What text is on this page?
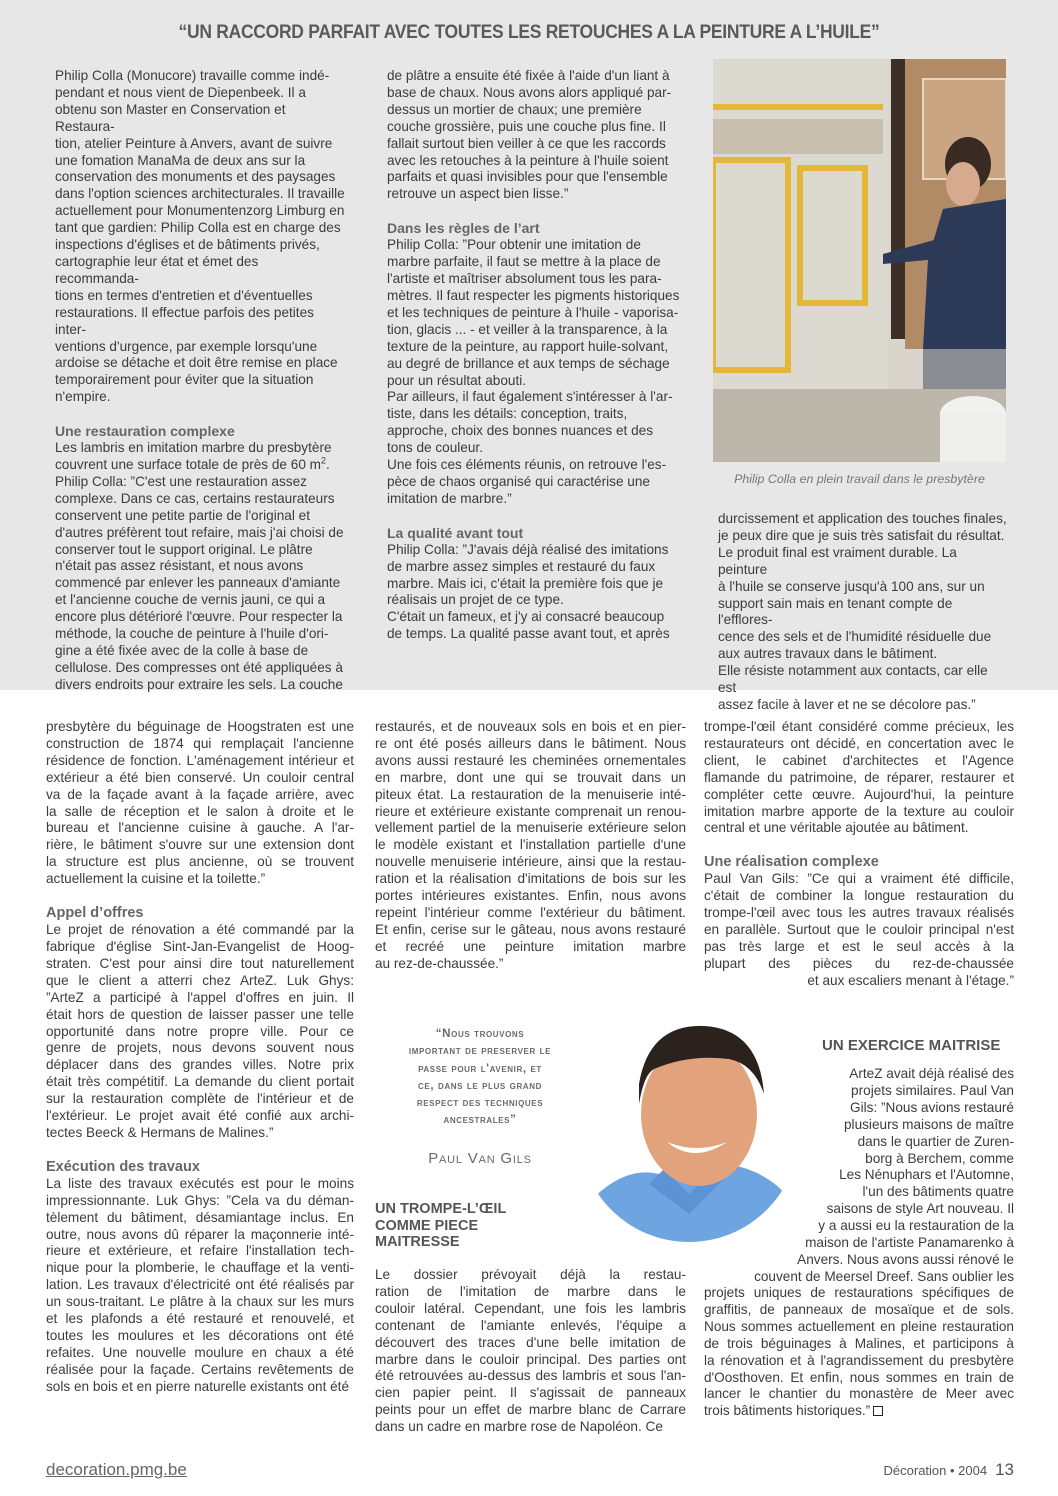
“UN RACCORD PARFAIT AVEC TOUTES LES RETOUCHES A LA PEINTURE A L’HUILE”

Philip Colla (Monucore) travaille comme indé-

pendant et nous vient de Diepenbeek. Il a

obtenu son Master en Conservation et Restaura-

tion, atelier Peinture à Anvers, avant de suivre

une fomation ManaMa de deux ans sur la

conservation des monuments et des paysages

dans l'option sciences architecturales. Il travaille

actuellement pour Monumentenzorg Limburg en

tant que gardien: Philip Colla est en charge des

inspections d'églises et de bâtiments privés,

cartographie leur état et émet des recommanda-

tions en termes d'entretien et d'éventuelles

restaurations. Il effectue parfois des petites inter-

ventions d'urgence, par exemple lorsqu'une

ardoise se détache et doit être remise en place

temporairement pour éviter que la situation

n'empire.

Une restauration complexe

Les lambris en imitation marbre du presbytère

couvrent une surface totale de près de 60 $m^2$.

Philip Colla: ”C'est une restauration assez

complexe. Dans ce cas, certains restaurateurs

conservent une petite partie de l'original et

d'autres préfèrent tout refaire, mais j'ai choisi de

conserver tout le support original. Le plâtre

n'était pas assez résistant, et nous avons

commencé par enlever les panneaux d'amiante

et l'ancienne couche de vernis jauni, ce qui a

encore plus détérioré l'œuvre. Pour respecter la

méthode, la couche de peinture à l'huile d'ori-

gine a été fixée avec de la colle à base de

cellulose. Des compresses ont été appliquées à

divers endroits pour extraire les sels. La couche

de plâtre a ensuite été fixée à l'aide d'un liant à

base de chaux. Nous avons alors appliqué par-

dessus un mortier de chaux; une première

couche grossière, puis une couche plus fine. Il

fallait surtout bien veiller à ce que les raccords

avec les retouches à la peinture à l'huile soient

parfaits et quasi invisibles pour que l'ensemble

retrouve un aspect bien lisse.”

Dans les règles de l’art

Philip Colla: ”Pour obtenir une imitation de

marbre parfaite, il faut se mettre à la place de

l'artiste et maîtriser absolument tous les para-

mètres. Il faut respecter les pigments historiques

et les techniques de peinture à l'huile - vaporisa-

tion, glacis ... - et veiller à la transparence, à la

texture de la peinture, au rapport huile-solvant,

au degré de brillance et aux temps de séchage

pour un résultat abouti.

Par ailleurs, il faut également s'intéresser à l'ar-

tiste, dans les détails: conception, traits,

approche, choix des bonnes nuances et des

tons de couleur.

Une fois ces éléments réunis, on retrouve l'es-

pèce de chaos organisé qui caractérise une

imitation de marbre.”

La qualité avant tout

Philip Colla: ”J'avais déjà réalisé des imitations

de marbre assez simples et restauré du faux

marbre. Mais ici, c'était la première fois que je

réalisais un projet de ce type.

C'était un fameux, et j'y ai consacré beaucoup

de temps. La qualité passe avant tout, et après

Philip Colla en plein travail dans le presbytère

durcissement et application des touches finales,

je peux dire que je suis très satisfait du résultat.

Le produit final est vraiment durable. La peinture

à l'huile se conserve jusqu'à 100 ans, sur un

support sain mais en tenant compte de l'efflores-

cence des sels et de l'humidité résiduelle due

aux autres travaux dans le bâtiment.

Elle résiste notamment aux contacts, car elle est

assez facile à laver et ne se décolore pas.”

presbytère du béguinage de Hoogstraten est une

construction de 1874 qui remplaçait l'ancienne

résidence de fonction. L'aménagement intérieur et

extérieur a été bien conservé. Un couloir central

va de la façade avant à la façade arrière, avec

la salle de réception et le salon à droite et le

bureau et l'ancienne cuisine à gauche. A l'ar-

rière, le bâtiment s'ouvre sur une extension dont

la structure est plus ancienne, où se trouvent

actuellement la cuisine et la toilette.”

Appel d’offres

Le projet de rénovation a été commandé par la

fabrique d'église Sint-Jan-Evangelist de Hoog-

straten. C'est pour ainsi dire tout naturellement

que le client a atterri chez ArteZ. Luk Ghys:

”ArteZ a participé à l'appel d'offres en juin. Il

était hors de question de laisser passer une telle

opportunité dans notre propre ville. Pour ce

genre de projets, nous devons souvent nous

déplacer dans des grandes villes. Notre prix

était très compétitif. La demande du client portait

sur la restauration complète de l'intérieur et de

l'extérieur. Le projet avait été confié aux archi-

tectes Beeck & Hermans de Malines.”

Exécution des travaux

La liste des travaux exécutés est pour le moins

impressionnante. Luk Ghys: ”Cela va du déman-

tèlement du bâtiment, désamiantage inclus. En

outre, nous avons dû réparer la maçonnerie inté-

rieure et extérieure, et refaire l'installation tech-

nique pour la plomberie, le chauffage et la venti-

lation. Les travaux d'électricité ont été réalisés par

un sous-traitant. Le plâtre à la chaux sur les murs

et les plafonds a été restauré et renouvelé, et

toutes les moulures et les décorations ont été

refaites. Une nouvelle moulure en chaux a été

réalisée pour la façade. Certains revêtements de

sols en bois et en pierre naturelle existants ont été

restaurés, et de nouveaux sols en bois et en pier-

re ont été posés ailleurs dans le bâtiment. Nous

avons aussi restauré les cheminées ornementales

en marbre, dont une qui se trouvait dans un

piteux état. La restauration de la menuiserie inté-

rieure et extérieure existante comprenait un renou-

vellement partiel de la menuiserie extérieure selon

le modèle existant et l'installation partielle d'une

nouvelle menuiserie intérieure, ainsi que la restau-

ration et la réalisation d'imitations de bois sur les

portes intérieures existantes. Enfin, nous avons

repeint l'intérieur comme l'extérieur du bâtiment.

Et enfin, cerise sur le gâteau, nous avons restauré

et recréé une peinture imitation marbre

au rez-de-chaussée.”

“Nous trouvons

important de preserver le

passe pour l'avenir, et

ce, dans le plus grand

respect des techniques

ancestrales”

Paul Van Gils

UN TROMPE-L’ŒIL

COMME PIECE

MAITRESSE

Le dossier prévoyait déjà la restau-

ration de l'imitation de marbre dans le

couloir latéral. Cependant, une fois les lambris

contenant de l'amiante enlevés, l'équipe a

découvert des traces d'une belle imitation de

marbre dans le couloir principal. Des parties ont

été retrouvées au-dessus des lambris et sous l'an-

cien papier peint. Il s'agissait de panneaux

peints pour un effet de marbre blanc de Carrare

dans un cadre en marbre rose de Napoléon. Ce

trompe-l'œil étant considéré comme précieux, les

restaurateurs ont décidé, en concertation avec le

client, le cabinet d'architectes et l'Agence

flamande du patrimoine, de réparer, restaurer et

compléter cette œuvre. Aujourd'hui, la peinture

imitation marbre apporte de la texture au couloir

central et une véritable ajoutée au bâtiment.

Une réalisation complexe

Paul Van Gils: ”Ce qui a vraiment été difficile,

c'était de combiner la longue restauration du

trompe-l'œil avec tous les autres travaux réalisés

en parallèle. Surtout que le couloir principal n'est

pas très large et est le seul accès à la

plupart des pièces du rez-de-chaussée

et aux escaliers menant à l'étage.”

UN EXERCICE MAITRISE

ArteZ avait déjà réalisé des

projets similaires. Paul Van

Gils: ”Nous avions restauré

plusieurs maisons de maître

dans le quartier de Zuren-

borg à Berchem, comme

Les Nénuphars et l'Automne,

l'un des bâtiments quatre

saisons de style Art nouveau. Il

y a aussi eu la restauration de la

maison de l'artiste Panamarenko à

Anvers. Nous avons aussi rénové le

couvent de Meersel Dreef. Sans oublier les

projets uniques de restaurations spécifiques de

graffitis, de panneaux de mosaïque et de sols.

Nous sommes actuellement en pleine restauration

de trois béguinages à Malines, et participons à

la rénovation et à l'agrandissement du presbytère

d'Oosthoven. Et enfin, nous sommes en train de

lancer le chantier du monastère de Meer avec

trois bâtiments historiques.”

decoration.pmg.be	Décoration • 2004 13
